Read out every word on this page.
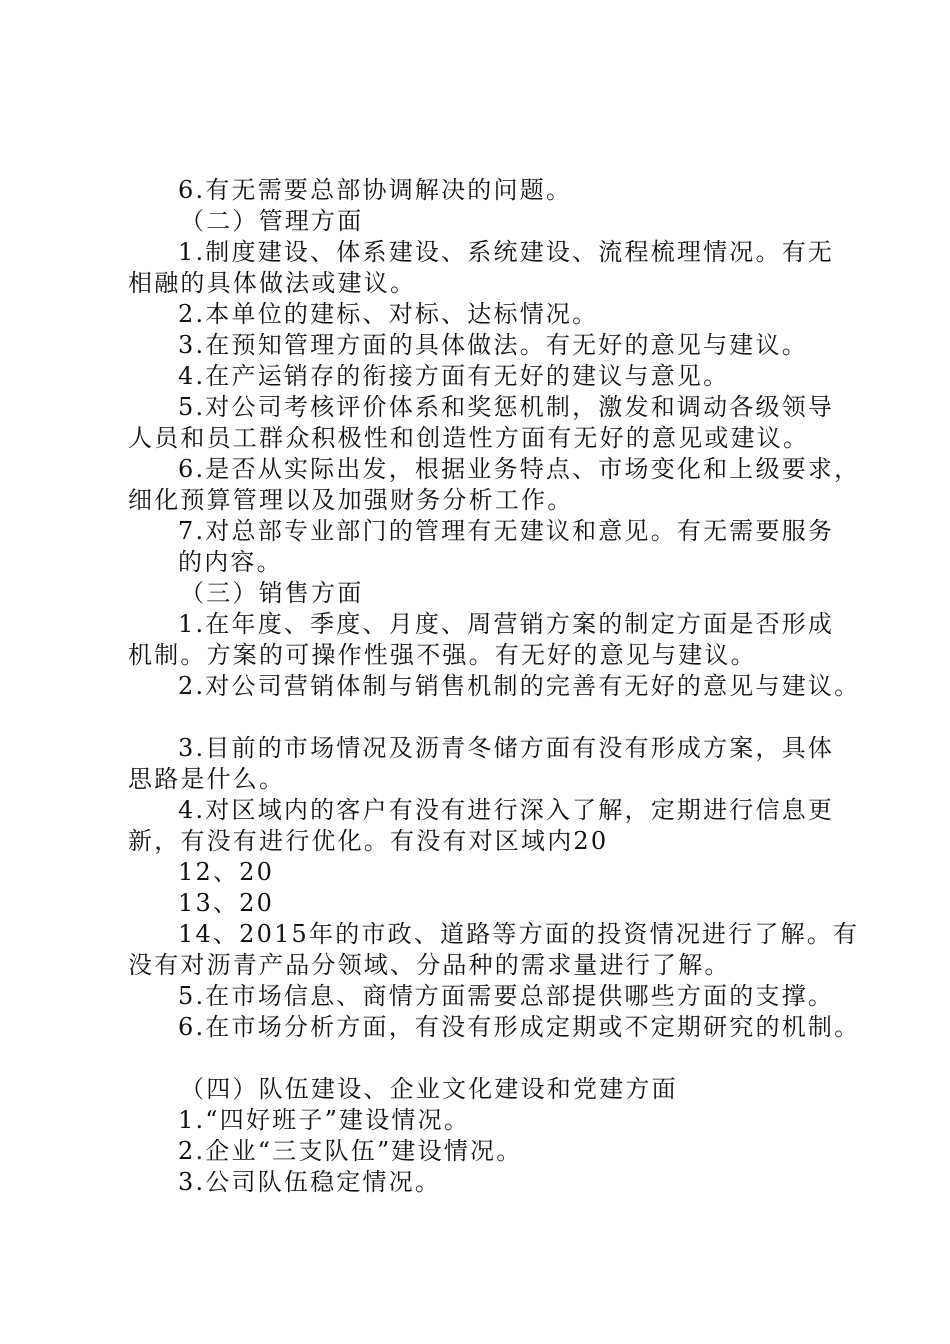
6.有无需要总部协调解决的问题。
（二）管理方面
1.制度建设、体系建设、系统建设、流程梳理情况。有无
相融的具体做法或建议。
2.本单位的建标、对标、达标情况。
3.在预知管理方面的具体做法。有无好的意见与建议。
4.在产运销存的衔接方面有无好的建议与意见。
5.对公司考核评价体系和奖惩机制，激发和调动各级领导
人员和员工群众积极性和创造性方面有无好的意见或建议。
6.是否从实际出发，根据业务特点、市场变化和上级要求，
细化预算管理以及加强财务分析工作。
7.对总部专业部门的管理有无建议和意见。有无需要服务
的内容。
（三）销售方面
1.在年度、季度、月度、周营销方案的制定方面是否形成
机制。方案的可操作性强不强。有无好的意见与建议。
2.对公司营销体制与销售机制的完善有无好的意见与建议。
3.目前的市场情况及沥青冬储方面有没有形成方案，具体
思路是什么。
4.对区域内的客户有没有进行深入了解，定期进行信息更
新，有没有进行优化。有没有对区域内20
12、20
13、20
14、2015年的市政、道路等方面的投资情况进行了解。有
没有对沥青产品分领域、分品种的需求量进行了解。
5.在市场信息、商情方面需要总部提供哪些方面的支撑。
6.在市场分析方面，有没有形成定期或不定期研究的机制。
（四）队伍建设、企业文化建设和党建方面
1.“四好班子”建设情况。
2.企业“三支队伍”建设情况。
3.公司队伍稳定情况。
